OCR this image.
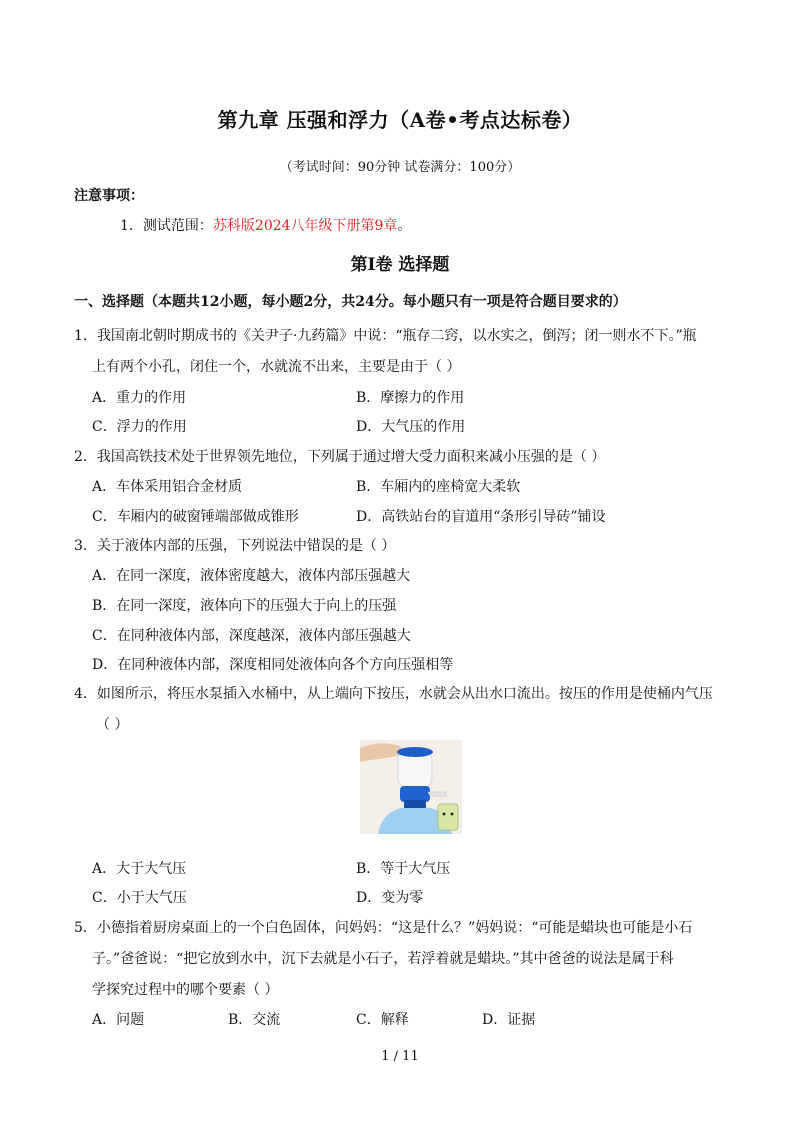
第九章 压强和浮力（A卷•考点达标卷）
（考试时间：90分钟 试卷满分：100分）
注意事项：
1．测试范围：苏科版2024八年级下册第9章。
第Ⅰ卷 选择题
一、选择题（本题共12小题，每小题2分，共24分。每小题只有一项是符合题目要求的）
1．我国南北朝时期成书的《关尹子·九药篇》中说：“瓶存二窍，以水实之，倒泻；闭一则水不下。”瓶
上有两个小孔，闭住一个，水就流不出来，主要是由于（ ）
A．重力的作用	B．摩擦力的作用
C．浮力的作用	D．大气压的作用
2．我国高铁技术处于世界领先地位，下列属于通过增大受力面积来减小压强的是（ ）
A．车体采用铝合金材质	B．车厢内的座椅宽大柔软
C．车厢内的破窗锤端部做成锥形	D．高铁站台的盲道用“条形引导砖”铺设
3．关于液体内部的压强，下列说法中错误的是（ ）
A．在同一深度，液体密度越大，液体内部压强越大
B．在同一深度，液体向下的压强大于向上的压强
C．在同种液体内部，深度越深，液体内部压强越大
D．在同种液体内部，深度相同处液体向各个方向压强相等
4．如图所示，将压水泵插入水桶中，从上端向下按压，水就会从出水口流出。按压的作用是使桶内气压
（ ）
A．大于大气压	B．等于大气压
C．小于大气压	D．变为零
5．小德指着厨房桌面上的一个白色固体，问妈妈：“这是什么？”妈妈说：“可能是蜡块也可能是小石
子。”爸爸说：“把它放到水中，沉下去就是小石子，若浮着就是蜡块。”其中爸爸的说法是属于科
学探究过程中的哪个要素（ ）
A．问题	B．交流	C．解释	D．证据
1 / 11
